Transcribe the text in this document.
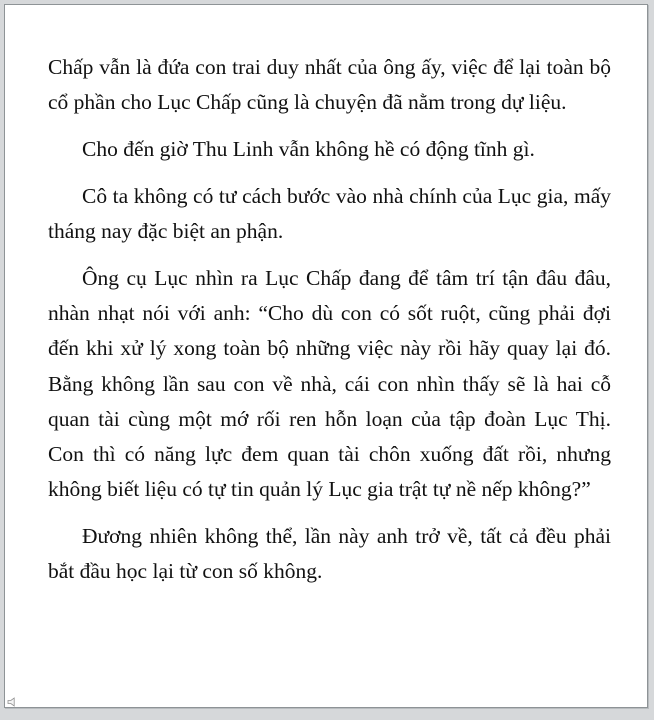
Chấp vẫn là đứa con trai duy nhất của ông ấy, việc để lại toàn bộ cổ phần cho Lục Chấp cũng là chuyện đã nằm trong dự liệu.

Cho đến giờ Thu Linh vẫn không hề có động tĩnh gì.

Cô ta không có tư cách bước vào nhà chính của Lục gia, mấy tháng nay đặc biệt an phận.

Ông cụ Lục nhìn ra Lục Chấp đang để tâm trí tận đâu đâu, nhàn nhạt nói với anh: “Cho dù con có sốt ruột, cũng phải đợi đến khi xử lý xong toàn bộ những việc này rồi hãy quay lại đó. Bằng không lần sau con về nhà, cái con nhìn thấy sẽ là hai cỗ quan tài cùng một mớ rối ren hỗn loạn của tập đoàn Lục Thị. Con thì có năng lực đem quan tài chôn xuống đất rồi, nhưng không biết liệu có tự tin quản lý Lục gia trật tự nề nếp không?”

Đương nhiên không thể, lần này anh trở về, tất cả đều phải bắt đầu học lại từ con số không.
